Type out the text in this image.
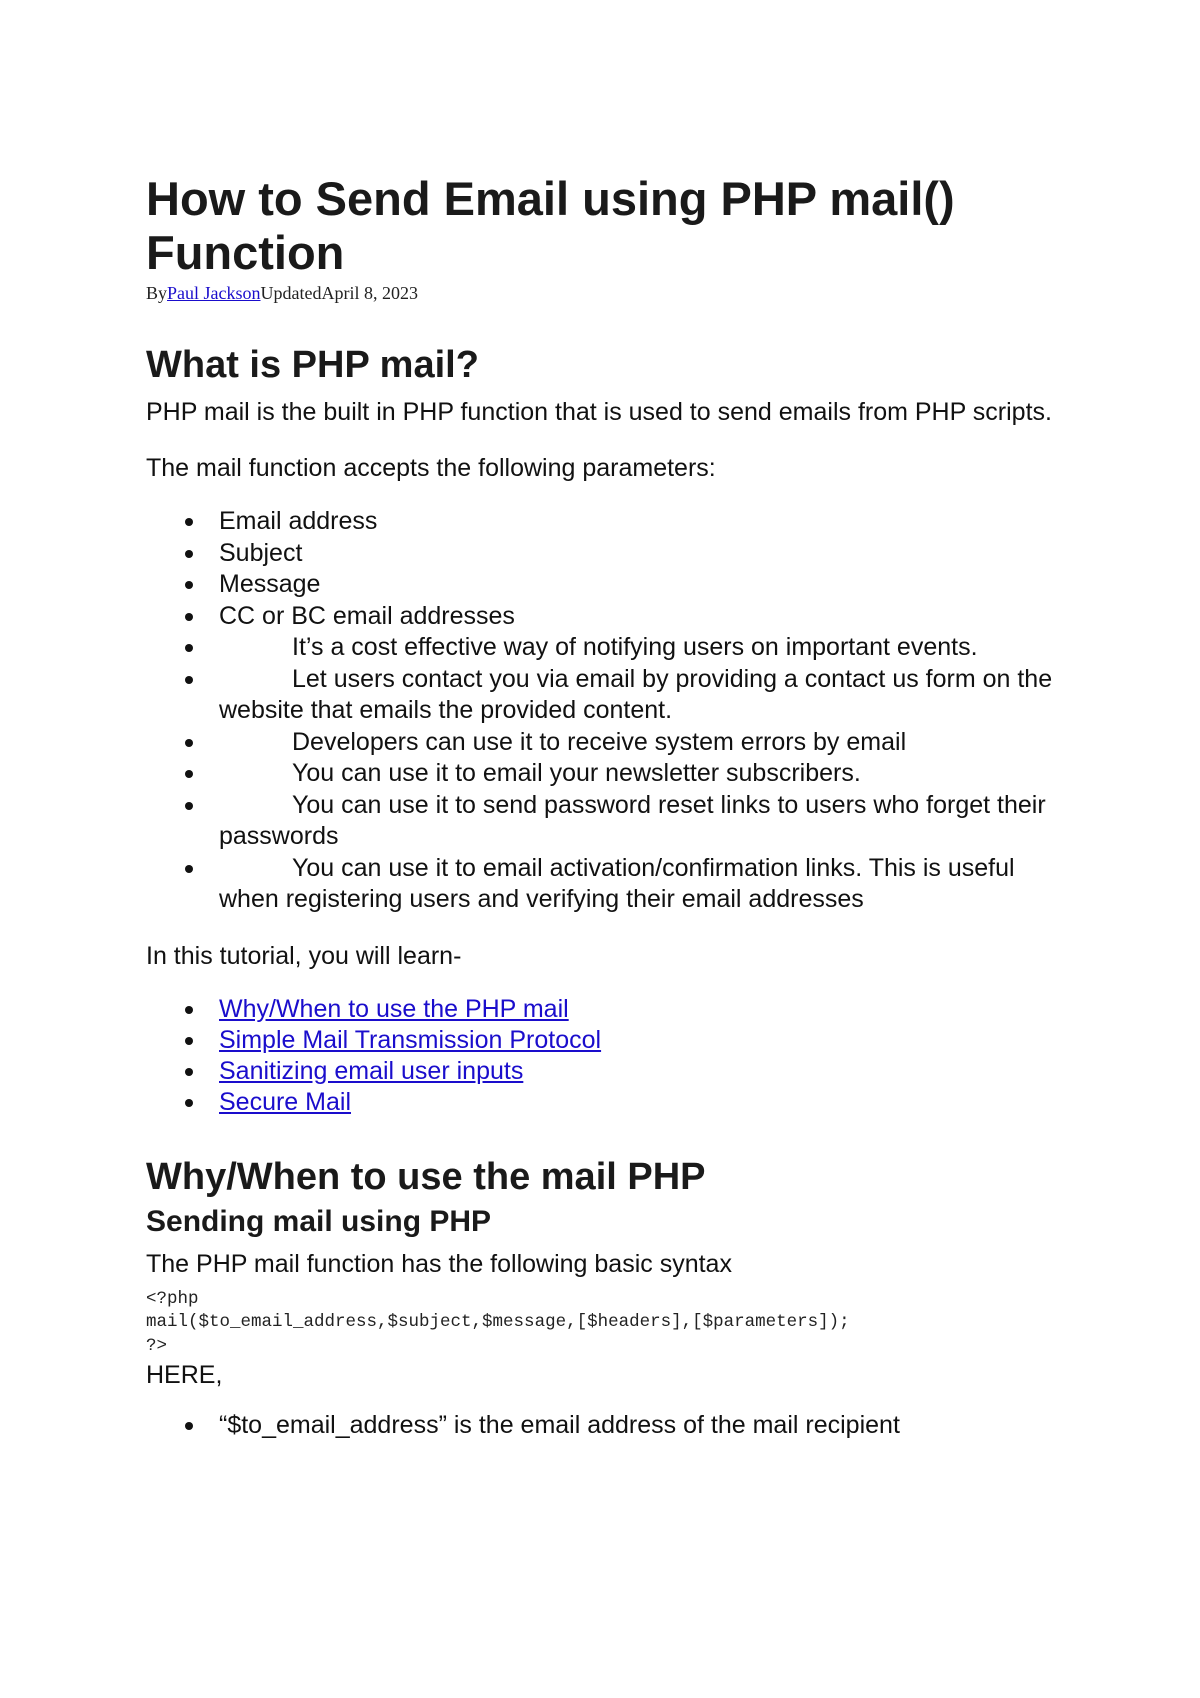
How to Send Email using PHP mail() Function
ByPaul JacksonUpdatedApril 8, 2023
What is PHP mail?

PHP mail is the built in PHP function that is used to send emails from PHP scripts.

The mail function accepts the following parameters:

Email address
Subject
Message
CC or BC email addresses
It’s a cost effective way of notifying users on important events.
Let users contact you via email by providing a contact us form on the website that emails the provided content.
Developers can use it to receive system errors by email
You can use it to email your newsletter subscribers.
You can use it to send password reset links to users who forget their passwords
You can use it to email activation/confirmation links. This is useful when registering users and verifying their email addresses

In this tutorial, you will learn-

Why/When to use the PHP mail
Simple Mail Transmission Protocol
Sanitizing email user inputs
Secure Mail
Why/When to use the mail PHP
Sending mail using PHP

The PHP mail function has the following basic syntax

<?php
mail($to_email_address,$subject,$message,[$headers],[$parameters]);
?>
HERE,
“$to_email_address” is the email address of the mail recipient
